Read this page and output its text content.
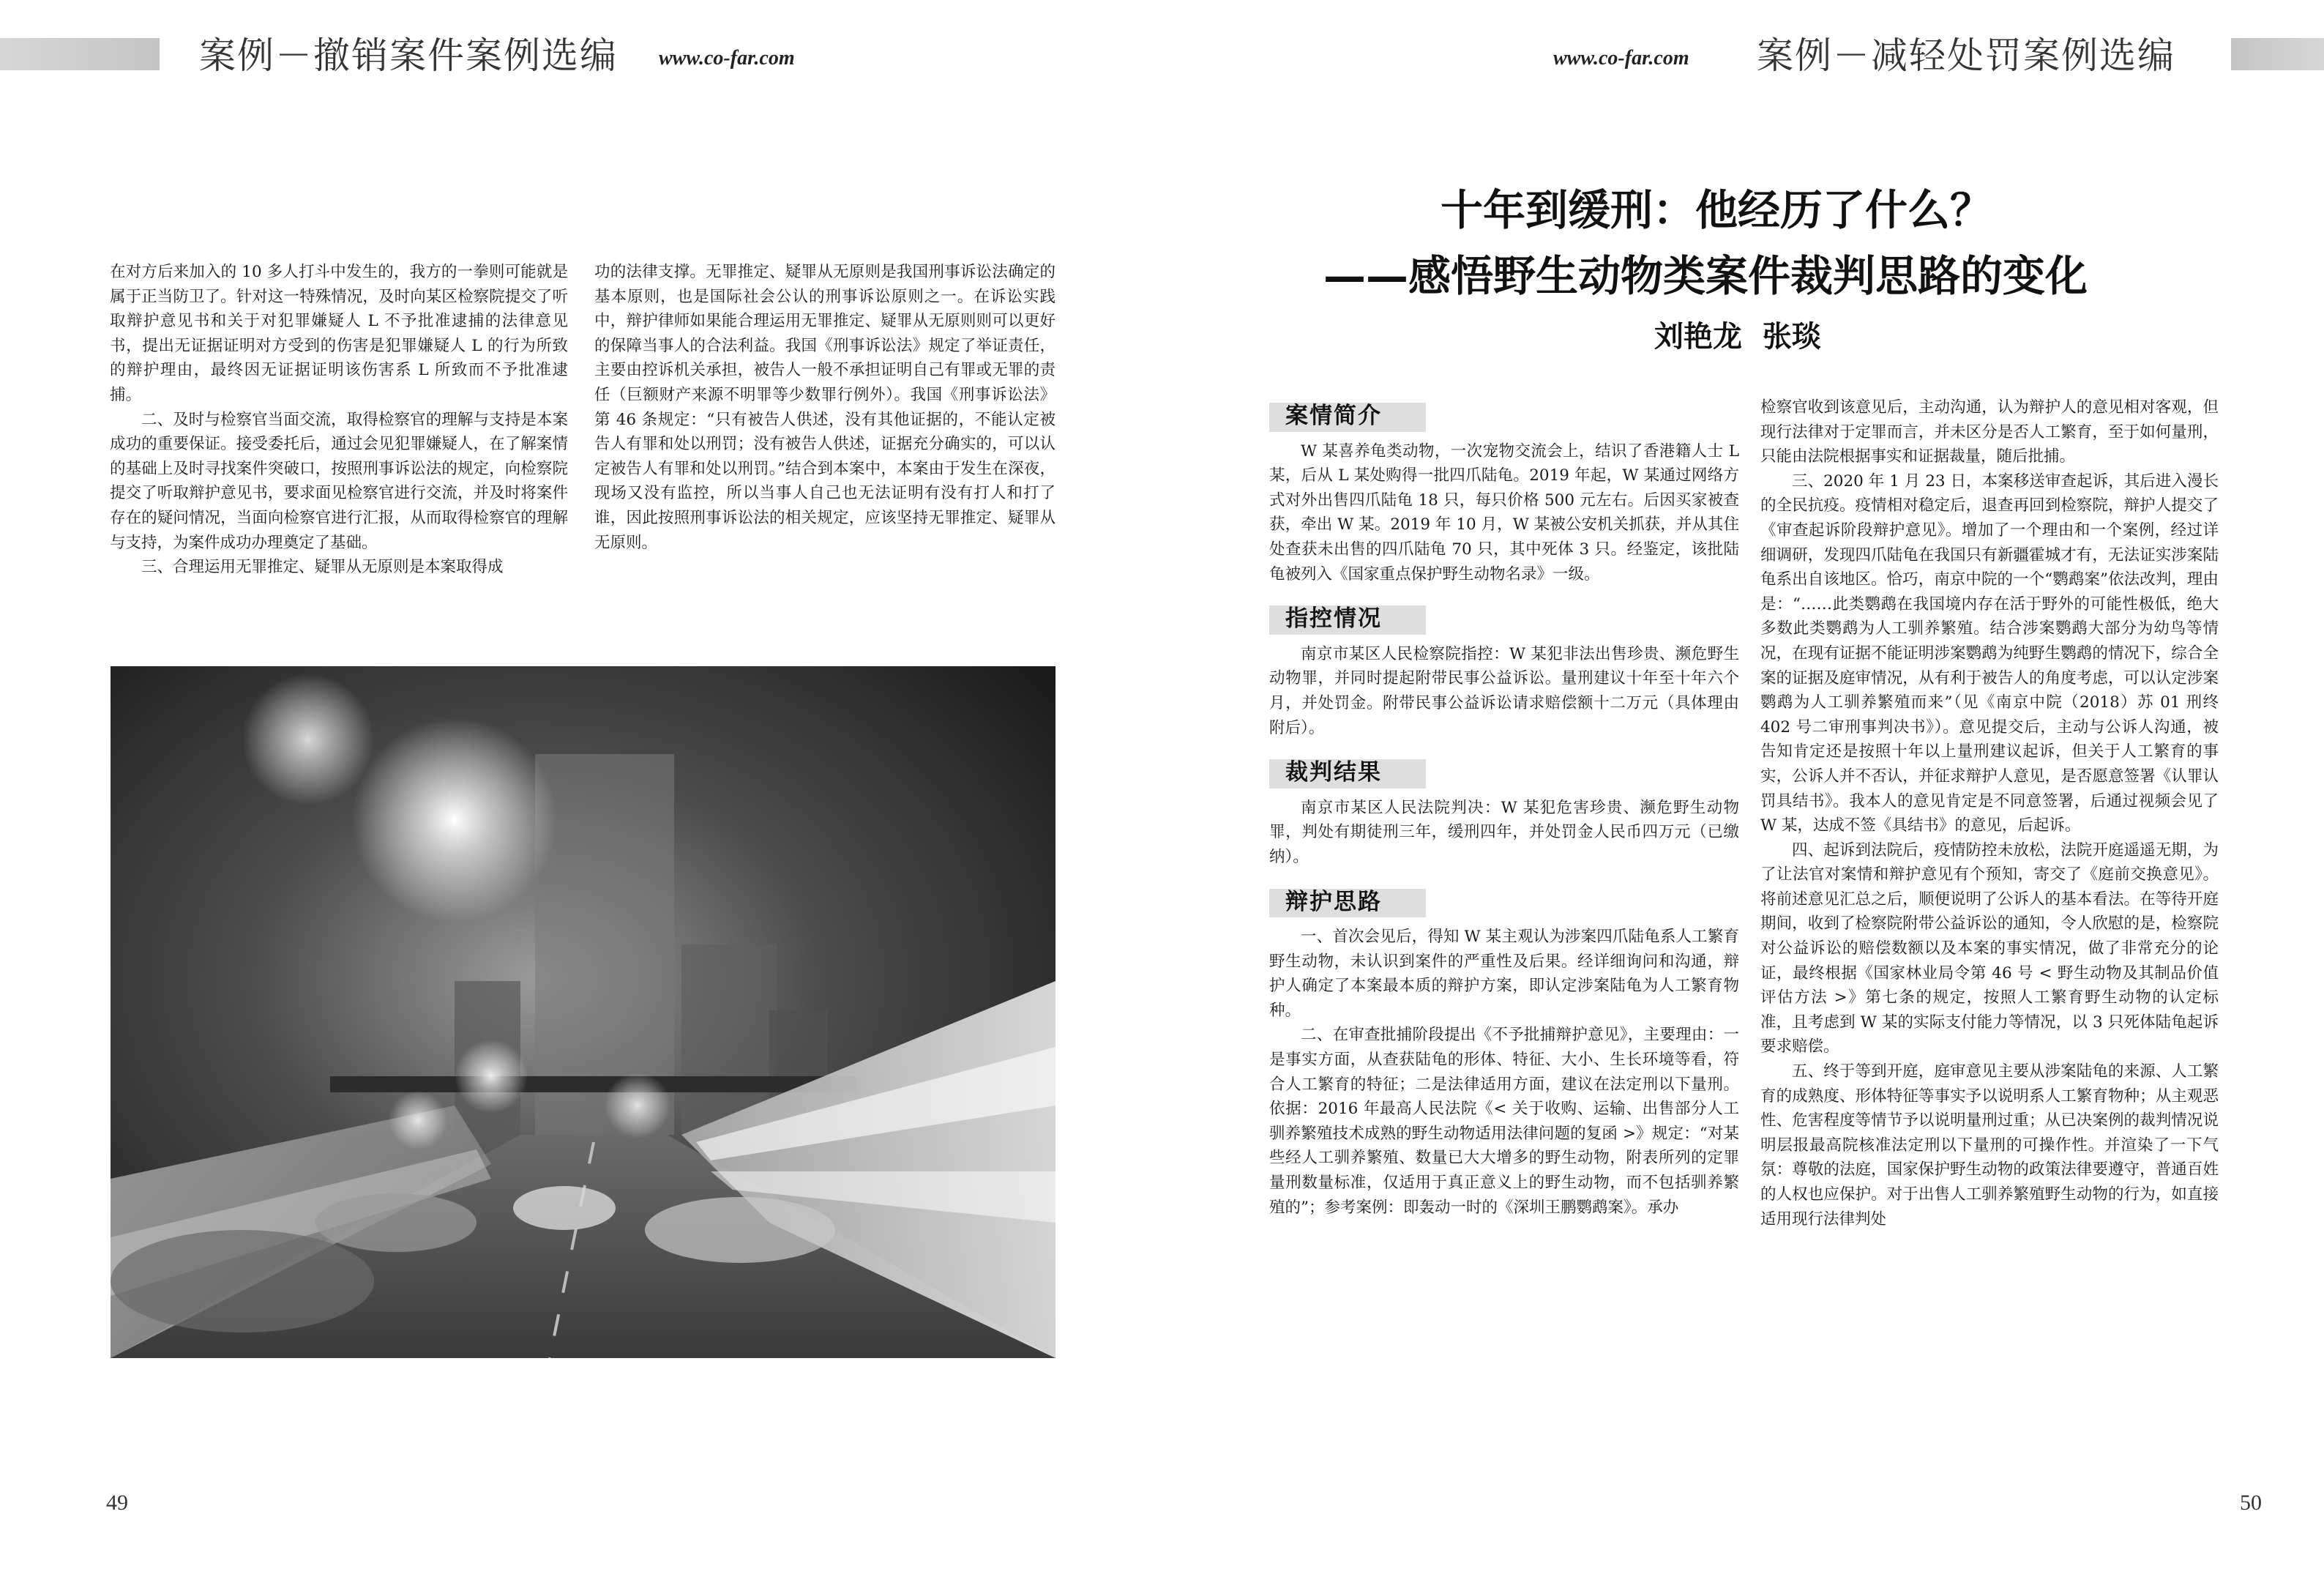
案例－撤销案件案例选编 www.co-far.com	www.co-far.com 案例－减轻处罚案例选编

在对方后来加入的 10 多人打斗中发生的，我方的一拳则可能就是属于正当防卫了。针对这一特殊情况，及时向某区检察院提交了听取辩护意见书和关于对犯罪嫌疑人 L 不予批准逮捕的法律意见书，提出无证据证明对方受到的伤害是犯罪嫌疑人 L 的行为所致的辩护理由，最终因无证据证明该伤害系 L 所致而不予批准逮捕。

二、及时与检察官当面交流，取得检察官的理解与支持是本案成功的重要保证。接受委托后，通过会见犯罪嫌疑人，在了解案情的基础上及时寻找案件突破口，按照刑事诉讼法的规定，向检察院提交了听取辩护意见书，要求面见检察官进行交流，并及时将案件存在的疑问情况，当面向检察官进行汇报，从而取得检察官的理解与支持，为案件成功办理奠定了基础。

三、合理运用无罪推定、疑罪从无原则是本案取得成

功的法律支撑。无罪推定、疑罪从无原则是我国刑事诉讼法确定的基本原则，也是国际社会公认的刑事诉讼原则之一。在诉讼实践中，辩护律师如果能合理运用无罪推定、疑罪从无原则则可以更好的保障当事人的合法利益。我国《刑事诉讼法》规定了举证责任，主要由控诉机关承担，被告人一般不承担证明自己有罪或无罪的责任（巨额财产来源不明罪等少数罪行例外）。我国《刑事诉讼法》第 46 条规定：“只有被告人供述，没有其他证据的，不能认定被告人有罪和处以刑罚；没有被告人供述，证据充分确实的，可以认定被告人有罪和处以刑罚。”结合到本案中，本案由于发生在深夜，现场又没有监控，所以当事人自己也无法证明有没有打人和打了谁，因此按照刑事诉讼法的相关规定，应该坚持无罪推定、疑罪从无原则。

49
十年到缓刑：他经历了什么？
——感悟野生动物类案件裁判思路的变化
刘艳龙  张琰
案情简介

W 某喜养龟类动物，一次宠物交流会上，结识了香港籍人士 L 某，后从 L 某处购得一批四爪陆龟。2019 年起，W 某通过网络方式对外出售四爪陆龟 18 只，每只价格 500 元左右。后因买家被查获，牵出 W 某。2019 年 10 月，W 某被公安机关抓获，并从其住处查获未出售的四爪陆龟 70 只，其中死体 3 只。经鉴定，该批陆龟被列入《国家重点保护野生动物名录》一级。

指控情况

南京市某区人民检察院指控：W 某犯非法出售珍贵、濒危野生动物罪，并同时提起附带民事公益诉讼。量刑建议十年至十年六个月，并处罚金。附带民事公益诉讼请求赔偿额十二万元（具体理由附后）。

裁判结果

南京市某区人民法院判决：W 某犯危害珍贵、濒危野生动物罪，判处有期徒刑三年，缓刑四年，并处罚金人民币四万元（已缴纳）。

辩护思路

一、首次会见后，得知 W 某主观认为涉案四爪陆龟系人工繁育野生动物，未认识到案件的严重性及后果。经详细询问和沟通，辩护人确定了本案最本质的辩护方案，即认定涉案陆龟为人工繁育物种。

二、在审查批捕阶段提出《不予批捕辩护意见》，主要理由：一是事实方面，从查获陆龟的形体、特征、大小、生长环境等看，符合人工繁育的特征；二是法律适用方面，建议在法定刑以下量刑。依据：2016 年最高人民法院《< 关于收购、运输、出售部分人工驯养繁殖技术成熟的野生动物适用法律问题的复函 >》规定：“对某些经人工驯养繁殖、数量已大大增多的野生动物，附表所列的定罪量刑数量标准，仅适用于真正意义上的野生动物，而不包括驯养繁殖的”；参考案例：即轰动一时的《深圳王鹏鹦鹉案》。承办

检察官收到该意见后，主动沟通，认为辩护人的意见相对客观，但现行法律对于定罪而言，并未区分是否人工繁育，至于如何量刑，只能由法院根据事实和证据裁量，随后批捕。

三、2020 年 1 月 23 日，本案移送审查起诉，其后进入漫长的全民抗疫。疫情相对稳定后，退查再回到检察院，辩护人提交了《审查起诉阶段辩护意见》。增加了一个理由和一个案例，经过详细调研，发现四爪陆龟在我国只有新疆霍城才有，无法证实涉案陆龟系出自该地区。恰巧，南京中院的一个“鹦鹉案”依法改判，理由是：“……此类鹦鹉在我国境内存在活于野外的可能性极低，绝大多数此类鹦鹉为人工驯养繁殖。结合涉案鹦鹉大部分为幼鸟等情况，在现有证据不能证明涉案鹦鹉为纯野生鹦鹉的情况下，综合全案的证据及庭审情况，从有利于被告人的角度考虑，可以认定涉案鹦鹉为人工驯养繁殖而来”（见《南京中院（2018）苏 01 刑终 402 号二审刑事判决书》）。意见提交后，主动与公诉人沟通，被告知肯定还是按照十年以上量刑建议起诉，但关于人工繁育的事实，公诉人并不否认，并征求辩护人意见，是否愿意签署《认罪认罚具结书》。我本人的意见肯定是不同意签署，后通过视频会见了 W 某，达成不签《具结书》的意见，后起诉。

四、起诉到法院后，疫情防控未放松，法院开庭遥遥无期，为了让法官对案情和辩护意见有个预知，寄交了《庭前交换意见》。将前述意见汇总之后，顺便说明了公诉人的基本看法。在等待开庭期间，收到了检察院附带公益诉讼的通知，令人欣慰的是，检察院对公益诉讼的赔偿数额以及本案的事实情况，做了非常充分的论证，最终根据《国家林业局令第 46 号 < 野生动物及其制品价值评估方法 >》第七条的规定，按照人工繁育野生动物的认定标准，且考虑到 W 某的实际支付能力等情况，以 3 只死体陆龟起诉要求赔偿。

五、终于等到开庭，庭审意见主要从涉案陆龟的来源、人工繁育的成熟度、形体特征等事实予以说明系人工繁育物种；从主观恶性、危害程度等情节予以说明量刑过重；从已决案例的裁判情况说明层报最高院核准法定刑以下量刑的可操作性。并渲染了一下气氛：尊敬的法庭，国家保护野生动物的政策法律要遵守，普通百姓的人权也应保护。对于出售人工驯养繁殖野生动物的行为，如直接适用现行法律判处

50
